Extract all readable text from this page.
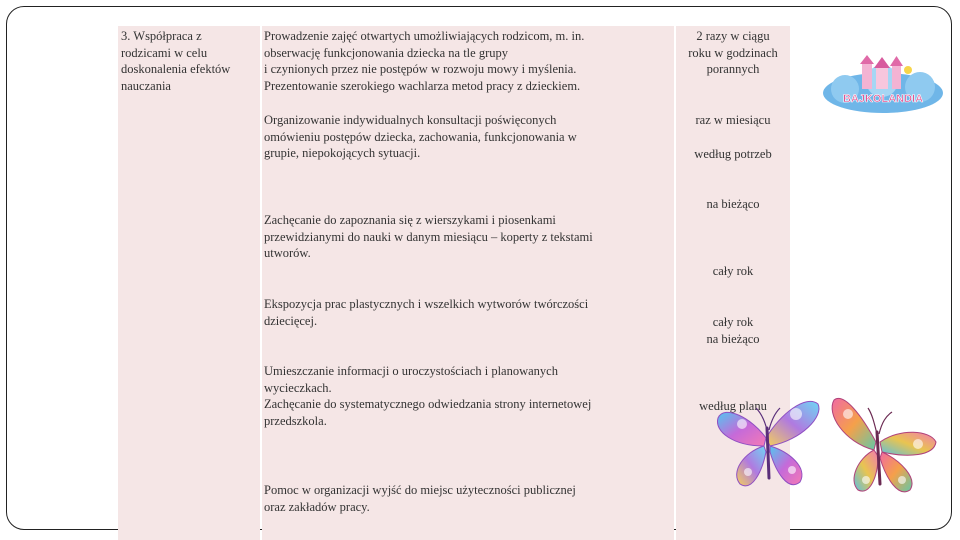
3. Współpraca z
rodzicami w celu
doskonalenia efektów
nauczania
Prowadzenie zajęć otwartych umożliwiających rodzicom, m. in.
obserwację funkcjonowania dziecka na tle grupy
i czynionych przez nie postępów w rozwoju mowy i myślenia.
Prezentowanie szerokiego wachlarza metod pracy z dzieckiem.
Organizowanie indywidualnych konsultacji poświęconych
omówieniu postępów dziecka, zachowania, funkcjonowania w
grupie, niepokojących sytuacji.
Zachęcanie do zapoznania się z wierszykami i piosenkami
przewidzianymi do nauki w danym miesiącu – koperty z tekstami
utworów.
Ekspozycja prac plastycznych i wszelkich wytworów twórczości
dziecięcej.
Umieszczanie informacji o uroczystościach i planowanych
wycieczkach.
Zachęcanie do systematycznego odwiedzania strony internetowej
przedszkola.
Pomoc w organizacji wyjść do miejsc użyteczności publicznej
oraz zakładów pracy.
2 razy w ciągu
roku w godzinach
porannych
raz w miesiącu
według potrzeb
na bieżąco
cały rok
cały rok
na bieżąco
według planu
BAJKOLANDIA
